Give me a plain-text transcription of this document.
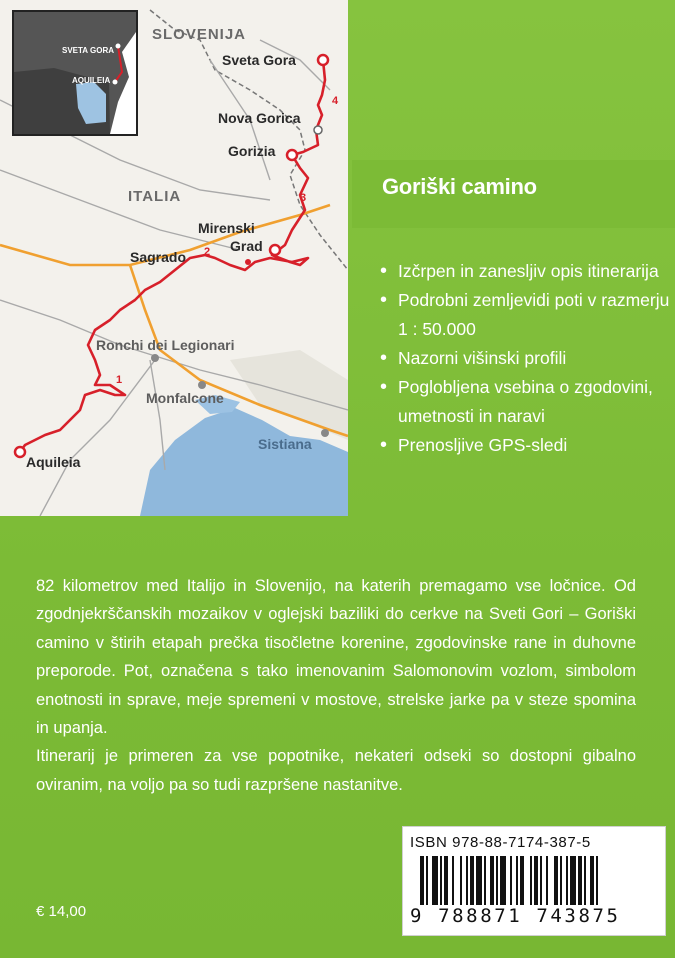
SLOVENIJA
ITALIA
Sveta Gora
Nova Gorica
Gorizia
Mirenski
Grad
Sagrado
Ronchi dei Legionari
Monfalcone
Sistiana
Aquileia
1
2
3
4
SVETA GORA
AQUILEIA
Goriški camino
• Izčrpen in zanesljiv opis itinerarija
• Podrobni zemljevidi poti v razmerju 1 : 50.000
• Nazorni višinski profili
• Poglobljena vsebina o zgodovini, umetnosti in naravi
• Prenosljive GPS-sledi

82 kilometrov med Italijo in Slovenijo, na katerih premagamo vse ločnice. Od zgodnjekrščanskih mozaikov v oglejski baziliki do cerkve na Sveti Gori – Goriški camino v štirih etapah prečka tisočletne korenine, zgodovinske rane in duhovne preporode. Pot, označena s tako imenovanim Salomonovim vozlom, simbolom enotnosti in sprave, meje spremeni v mostove, strelske jarke pa v steze spomina in upanja.

Itinerarij je primeren za vse popotnike, nekateri odseki so dostopni gibalno oviranim, na voljo pa so tudi razpršene nastanitve.

€ 14,00
ISBN 978-88-7174-387-5
9 788871 743875
